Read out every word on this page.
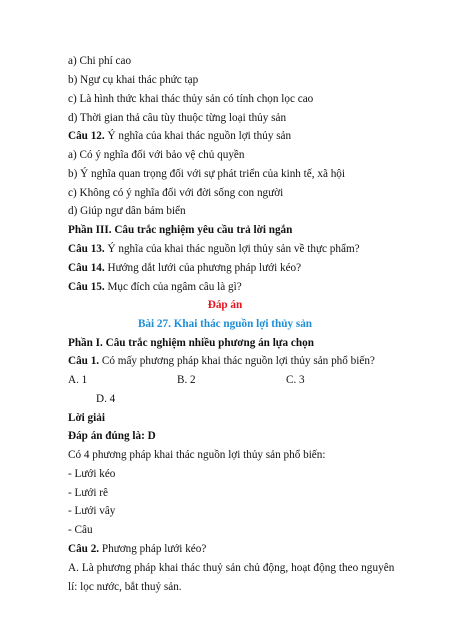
a) Chi phí cao
b) Ngư cụ khai thác phức tạp
c) Là hình thức khai thác thủy sản có tính chọn lọc cao
d) Thời gian thả câu tùy thuộc từng loại thủy sản
Câu 12. Ý nghĩa của khai thác nguồn lợi thủy sản
a) Có ý nghĩa đối với bảo vệ chủ quyền
b) Ý nghĩa quan trọng đối với sự phát triển của kinh tế, xã hội
c) Không có ý nghĩa đối với đời sống con người
d) Giúp ngư dân bám biển
Phần III. Câu trắc nghiệm yêu cầu trả lời ngắn
Câu 13. Ý nghĩa của khai thác nguồn lợi thủy sản về thực phẩm?
Câu 14. Hướng dắt lưới của phương pháp lưới kéo?
Câu 15. Mục đích của ngâm câu là gì?
Đáp án
Bài 27. Khai thác nguồn lợi thủy sản
Phần I. Câu trắc nghiệm nhiều phương án lựa chọn
Câu 1. Có mấy phương pháp khai thác nguồn lợi thủy sản phổ biến?
A. 1	B. 2	C. 3
D. 4
Lời giải
Đáp án đúng là: D
Có 4 phương pháp khai thác nguồn lợi thủy sản phổ biến:
- Lưới kéo
- Lưới rê
- Lưới vây
- Câu
Câu 2. Phương pháp lưới kéo?
A. Là phương pháp khai thác thuỷ sản chủ động, hoạt động theo nguyên
lí: lọc nước, bắt thuỷ sản.
